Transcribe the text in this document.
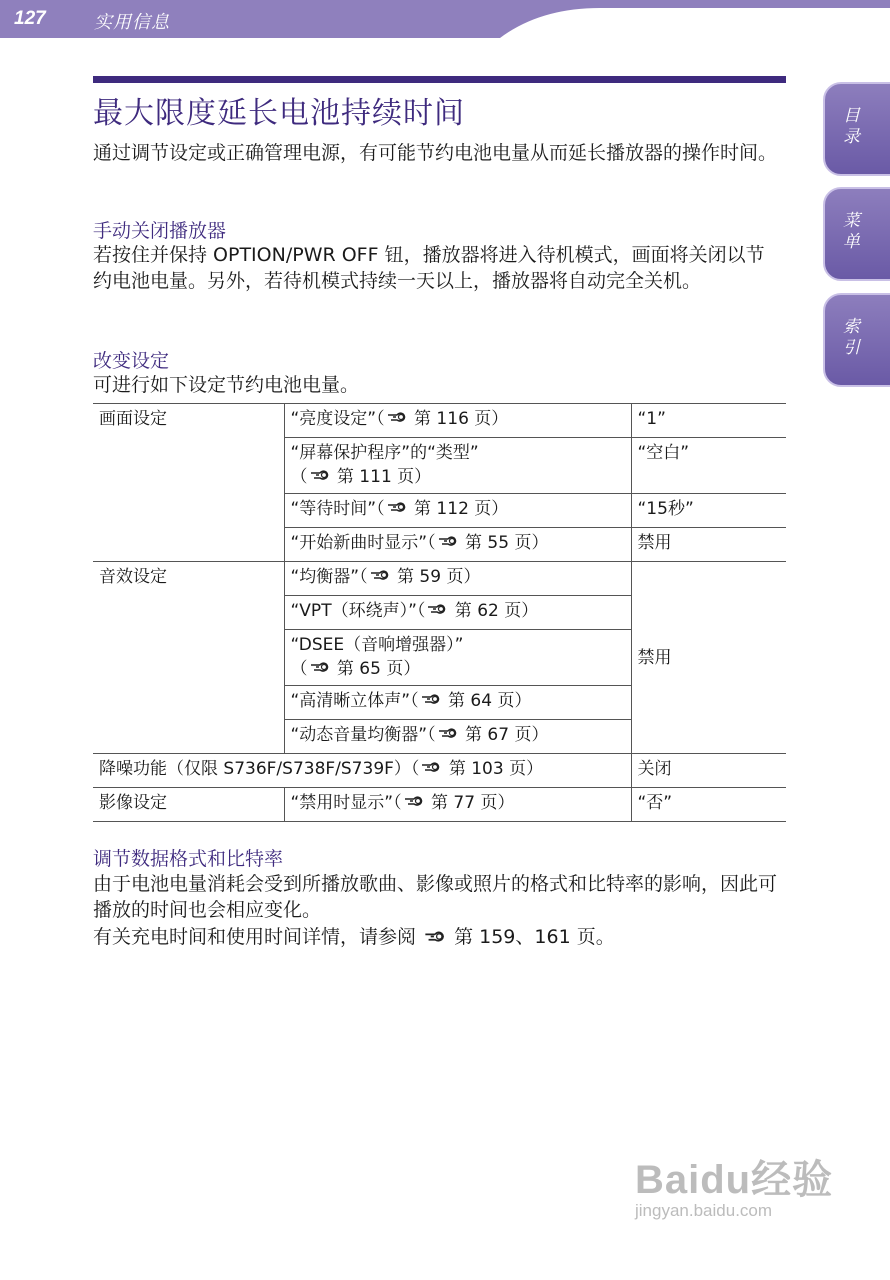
127	实用信息
目录
菜单
索引
最大限度延长电池持续时间

通过调节设定或正确管理电源，有可能节约电池电量从而延长播放器的操作时间。

手动关闭播放器

若按住并保持 OPTION/PWR OFF 钮，播放器将进入待机模式，画面将关闭以节约电池电量。另外，若待机模式持续一天以上，播放器将自动完全关机。

改变设定

可进行如下设定节约电池电量。

画面设定	“亮度设定”（ 第 116 页）	“1”
	“屏幕保护程序”的“类型”
（ 第 111 页）	“空白”
	“等待时间”（ 第 112 页）	“15秒”
	“开始新曲时显示”（ 第 55 页）	禁用
音效设定	“均衡器”（ 第 59 页）	禁用
	“VPT（环绕声）”（ 第 62 页）	
	“DSEE（音响增强器）”
（ 第 65 页）	
	“高清晰立体声”（ 第 64 页）	
	“动态音量均衡器”（ 第 67 页）	
降噪功能（仅限 S736F/S738F/S739F）（ 第 103 页）		关闭
影像设定	“禁用时显示”（ 第 77 页）	“否”
调节数据格式和比特率

由于电池电量消耗会受到所播放歌曲、影像或照片的格式和比特率的影响，因此可播放的时间也会相应变化。

有关充电时间和使用时间详情，请参阅  第 159、161 页。

Baidu经验
jingyan.baidu.com
